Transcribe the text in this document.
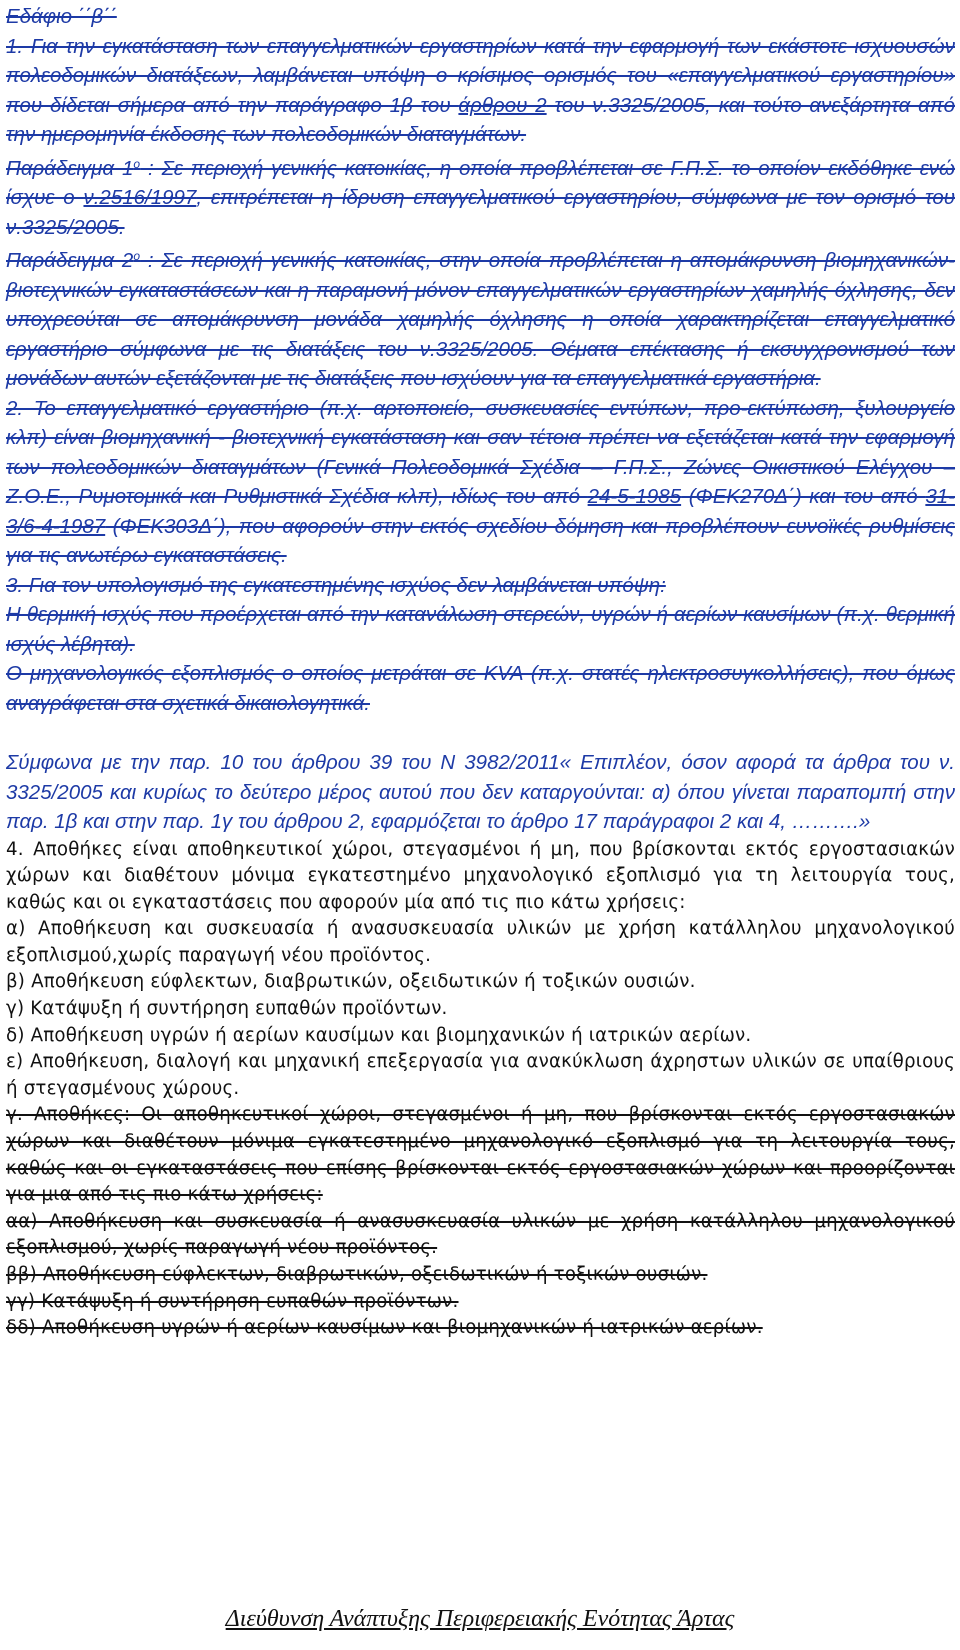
Εδάφιο ΄΄β΄΄

1. Για την εγκατάσταση των επαγγελματικών εργαστηρίων κατά την εφαρμογή των εκάστοτε ισχυουσών πολεοδομικών διατάξεων, λαμβάνεται υπόψη ο κρίσιμος ορισμός του «επαγγελματικού εργαστηρίου» που δίδεται σήμερα από την παράγραφο 1β του άρθρου 2 του ν.3325/2005, και τούτο ανεξάρτητα από την ημερομηνία έκδοσης των πολεοδομικών διαταγμάτων.

Παράδειγμα $1^o$ : Σε περιοχή γενικής κατοικίας, η οποία προβλέπεται σε Γ.Π.Σ. το οποίον εκδόθηκε ενώ ίσχυε ο ν.2516/1997, επιτρέπεται η ίδρυση επαγγελματικού εργαστηρίου, σύμφωνα με τον ορισμό του ν.3325/2005.

Παράδειγμα $2^o$ : Σε περιοχή γενικής κατοικίας, στην οποία προβλέπεται η απομάκρυνση βιομηχανικών-βιοτεχνικών εγκαταστάσεων και η παραμονή μόνον επαγγελματικών εργαστηρίων χαμηλής όχλησης, δεν υποχρεούται σε απομάκρυνση μονάδα χαμηλής όχλησης η οποία χαρακτηρίζεται επαγγελματικό εργαστήριο σύμφωνα με τις διατάξεις του ν.3325/2005. Θέματα επέκτασης ή εκσυγχρονισμού των μονάδων αυτών εξετάζονται με τις διατάξεις που ισχύουν για τα επαγγελματικά εργαστήρια.

2. Το επαγγελματικό εργαστήριο (π.χ. αρτοποιείο, συσκευασίες εντύπων, προ-εκτύπωση, ξυλουργείο κλπ) είναι βιομηχανική - βιοτεχνική εγκατάσταση και σαν τέτοια πρέπει να εξετάζεται κατά την εφαρμογή των πολεοδομικών διαταγμάτων (Γενικά Πολεοδομικά Σχέδια – Γ.Π.Σ., Ζώνες Οικιστικού Ελέγχου – Ζ.Ο.Ε., Ρυμοτομικά και Ρυθμιστικά Σχέδια κλπ), ιδίως του από 24-5-1985 (ΦΕΚ270Δ΄) και του από 31-3/6-4-1987 (ΦΕΚ303Δ΄), που αφορούν στην εκτός σχεδίου δόμηση και προβλέπουν ευνοϊκές ρυθμίσεις για τις ανωτέρω εγκαταστάσεις.

3. Για τον υπολογισμό της εγκατεστημένης ισχύος δεν λαμβάνεται υπόψη:

Η θερμική ισχύς που προέρχεται από την κατανάλωση στερεών, υγρών ή αερίων καυσίμων (π.χ. θερμική ισχύς λέβητα).

Ο μηχανολογικός εξοπλισμός ο οποίος μετράται σε KVA (π.χ. στατές ηλεκτροσυγκολλήσεις), που όμως αναγράφεται στα σχετικά δικαιολογητικά.

Σύμφωνα με την παρ. 10 του άρθρου 39 του Ν 3982/2011« Επιπλέον, όσον αφορά τα άρθρα του ν. 3325/2005 και κυρίως το δεύτερο μέρος αυτού που δεν καταργούνται: α) όπου γίνεται παραπομπή στην παρ. 1β και στην παρ. 1γ του άρθρου 2, εφαρμόζεται το άρθρο 17 παράγραφοι 2 και 4, ……….»

4. Αποθήκες είναι αποθηκευτικοί χώροι, στεγασμένοι ή μη, που βρίσκονται εκτός εργοστασιακών χώρων και διαθέτουν μόνιμα εγκατεστημένο μηχανολογικό εξοπλισμό για τη λειτουργία τους, καθώς και οι εγκαταστάσεις που αφορούν μία από τις πιο κάτω χρήσεις:

α) Αποθήκευση και συσκευασία ή ανασυσκευασία υλικών με χρήση κατάλληλου μηχανολογικού εξοπλισμού,χωρίς παραγωγή νέου προϊόντος.

β) Αποθήκευση εύφλεκτων, διαβρωτικών, οξειδωτικών ή τοξικών ουσιών.

γ) Κατάψυξη ή συντήρηση ευπαθών προϊόντων.

δ) Αποθήκευση υγρών ή αερίων καυσίμων και βιομηχανικών ή ιατρικών αερίων.

ε) Αποθήκευση, διαλογή και μηχανική επεξεργασία για ανακύκλωση άχρηστων υλικών σε υπαίθριους ή στεγασμένους χώρους.

γ. Αποθήκες: Οι αποθηκευτικοί χώροι, στεγασμένοι ή μη, που βρίσκονται εκτός εργοστασιακών χώρων και διαθέτουν μόνιμα εγκατεστημένο μηχανολογικό εξοπλισμό για τη λειτουργία τους, καθώς και οι εγκαταστάσεις που επίσης βρίσκονται εκτός εργοστασιακών χώρων και προορίζονται για μια από τις πιο κάτω χρήσεις:

αα) Αποθήκευση και συσκευασία ή ανασυσκευασία υλικών με χρήση κατάλληλου μηχανολογικού εξοπλισμού, χωρίς παραγωγή νέου προϊόντος.

ββ) Αποθήκευση εύφλεκτων, διαβρωτικών, οξειδωτικών ή τοξικών ουσιών.

γγ) Κατάψυξη ή συντήρηση ευπαθών προϊόντων.

δδ) Αποθήκευση υγρών ή αερίων καυσίμων και βιομηχανικών ή ιατρικών αερίων.

Διεύθυνση Ανάπτυξης Περιφερειακής Ενότητας Άρτας
